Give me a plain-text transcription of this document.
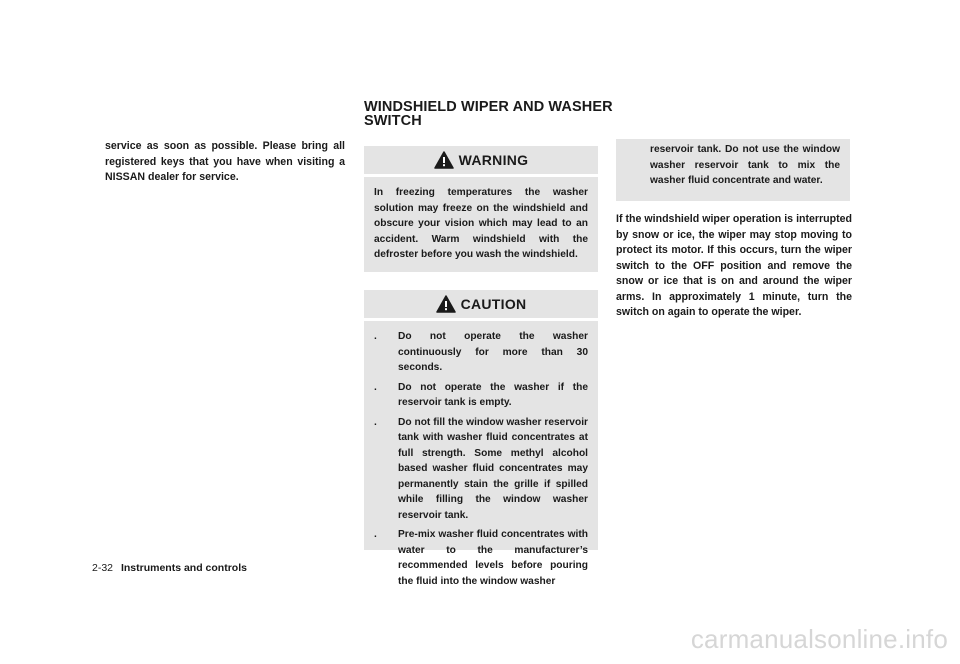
service as soon as possible. Please bring all registered keys that you have when visiting a NISSAN dealer for service.

WINDSHIELD WIPER AND WASHER
SWITCH
WARNING

In freezing temperatures the washer solution may freeze on the windshield and obscure your vision which may lead to an accident. Warm windshield with the defroster before you wash the windshield.

CAUTION
.	Do not operate the washer continuously for more than 30 seconds.
.	Do not operate the washer if the reservoir tank is empty.
.	Do not fill the window washer reservoir tank with washer fluid concentrates at full strength. Some methyl alcohol based washer fluid concentrates may permanently stain the grille if spilled while filling the window washer reservoir tank.
.	Pre-mix washer fluid concentrates with water to the manufacturer’s recommended levels before pouring the fluid into the window washer

reservoir tank. Do not use the window washer reservoir tank to mix the washer fluid concentrate and water.

If the windshield wiper operation is interrupted by snow or ice, the wiper may stop moving to protect its motor. If this occurs, turn the wiper switch to the OFF position and remove the snow or ice that is on and around the wiper arms. In approximately 1 minute, turn the switch on again to operate the wiper.

2-32 Instruments and controls
carmanualsonline.info
